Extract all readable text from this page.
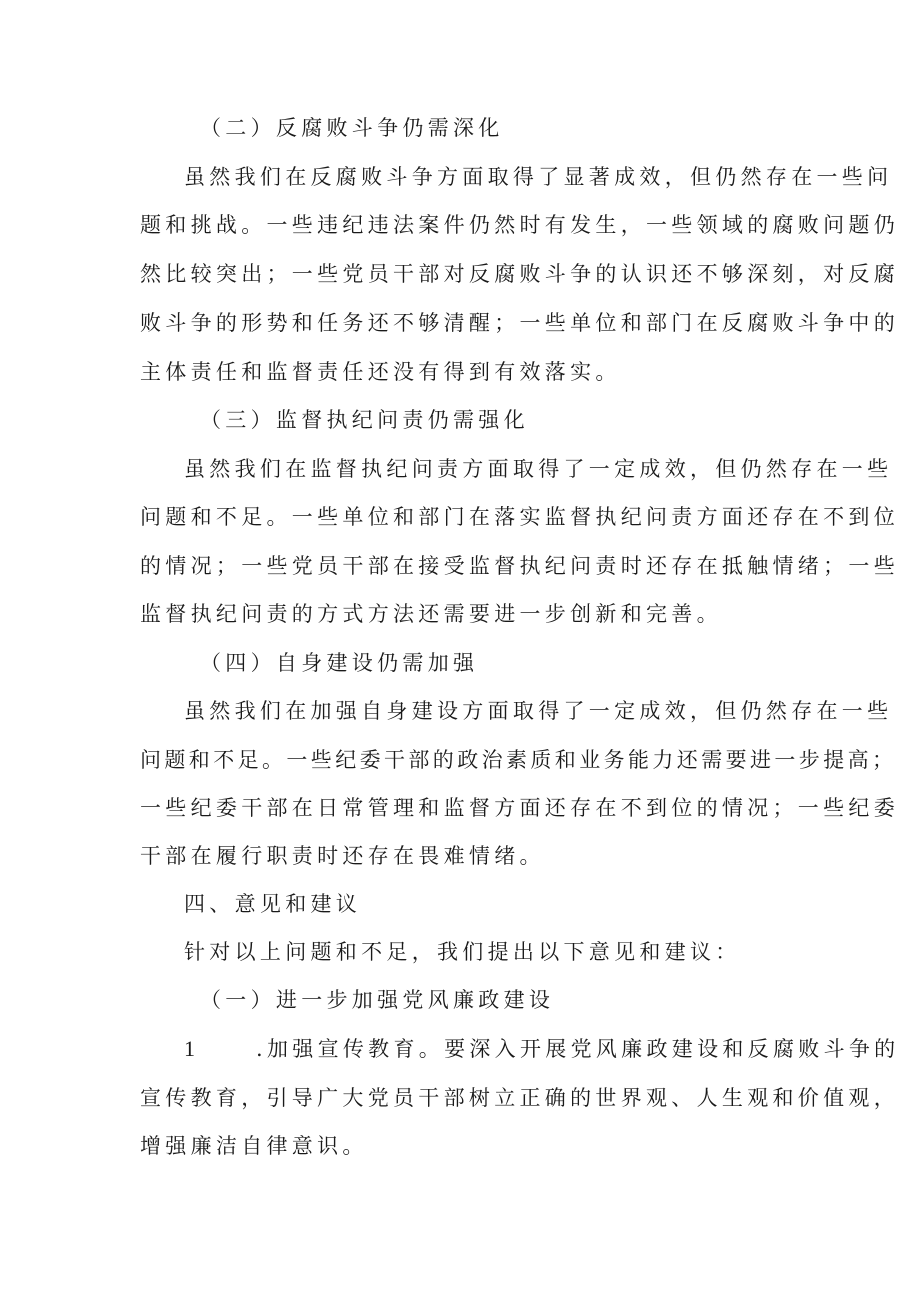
（二）反腐败斗争仍需深化
虽然我们在反腐败斗争方面取得了显著成效，但仍然存在一些问
题和挑战。一些违纪违法案件仍然时有发生，一些领域的腐败问题仍
然比较突出；一些党员干部对反腐败斗争的认识还不够深刻，对反腐
败斗争的形势和任务还不够清醒；一些单位和部门在反腐败斗争中的
主体责任和监督责任还没有得到有效落实。
（三）监督执纪问责仍需强化
虽然我们在监督执纪问责方面取得了一定成效，但仍然存在一些
问题和不足。一些单位和部门在落实监督执纪问责方面还存在不到位
的情况；一些党员干部在接受监督执纪问责时还存在抵触情绪；一些
监督执纪问责的方式方法还需要进一步创新和完善。
（四）自身建设仍需加强
虽然我们在加强自身建设方面取得了一定成效，但仍然存在一些
问题和不足。一些纪委干部的政治素质和业务能力还需要进一步提高；
一些纪委干部在日常管理和监督方面还存在不到位的情况；一些纪委
干部在履行职责时还存在畏难情绪。
四、意见和建议
针对以上问题和不足，我们提出以下意见和建议：
（一）进一步加强党风廉政建设
1	.加强宣传教育。要深入开展党风廉政建设和反腐败斗争的
宣传教育，引导广大党员干部树立正确的世界观、人生观和价值观，
增强廉洁自律意识。
